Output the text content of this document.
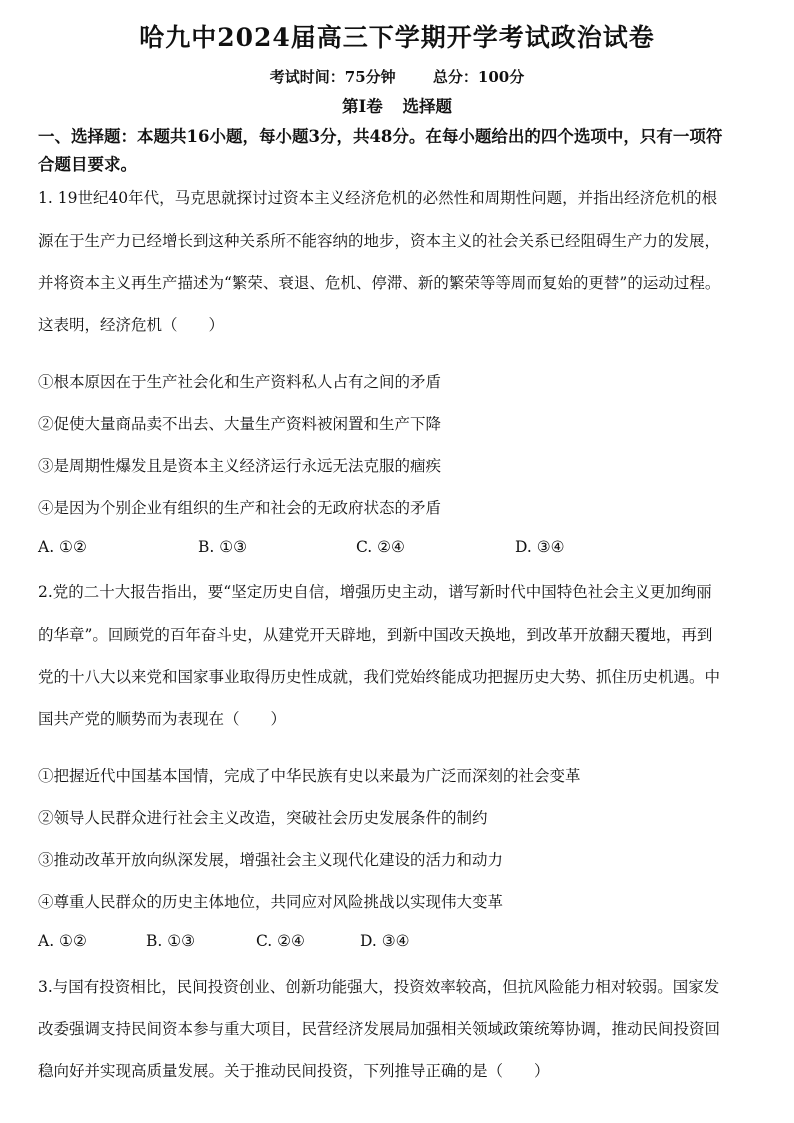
哈九中2024届高三下学期开学考试政治试卷
考试时间：75分钟 总分：100分
第Ⅰ卷 选择题
一、选择题：本题共16小题，每小题3分，共48分。在每小题给出的四个选项中，只有一项符
合题目要求。
1. 19世纪40年代，马克思就探讨过资本主义经济危机的必然性和周期性问题，并指出经济危机的根
源在于生产力已经增长到这种关系所不能容纳的地步，资本主义的社会关系已经阻碍生产力的发展，
并将资本主义再生产描述为“繁荣、衰退、危机、停滞、新的繁荣等等周而复始的更替”的运动过程。
这表明，经济危机（　　）
①根本原因在于生产社会化和生产资料私人占有之间的矛盾
②促使大量商品卖不出去、大量生产资料被闲置和生产下降
③是周期性爆发且是资本主义经济运行永远无法克服的痼疾
④是因为个别企业有组织的生产和社会的无政府状态的矛盾
A. ①②	B. ①③	C. ②④	D. ③④
2.党的二十大报告指出，要“坚定历史自信，增强历史主动，谱写新时代中国特色社会主义更加绚丽
的华章”。回顾党的百年奋斗史，从建党开天辟地，到新中国改天换地，到改革开放翻天覆地，再到
党的十八大以来党和国家事业取得历史性成就，我们党始终能成功把握历史大势、抓住历史机遇。中
国共产党的顺势而为表现在（　　）
①把握近代中国基本国情，完成了中华民族有史以来最为广泛而深刻的社会变革
②领导人民群众进行社会主义改造，突破社会历史发展条件的制约
③推动改革开放向纵深发展，增强社会主义现代化建设的活力和动力
④尊重人民群众的历史主体地位，共同应对风险挑战以实现伟大变革
A. ①②	B. ①③	C. ②④	D. ③④
3.与国有投资相比，民间投资创业、创新功能强大，投资效率较高，但抗风险能力相对较弱。国家发
改委强调支持民间资本参与重大项目，民营经济发展局加强相关领域政策统筹协调，推动民间投资回
稳向好并实现高质量发展。关于推动民间投资，下列推导正确的是（　　）
